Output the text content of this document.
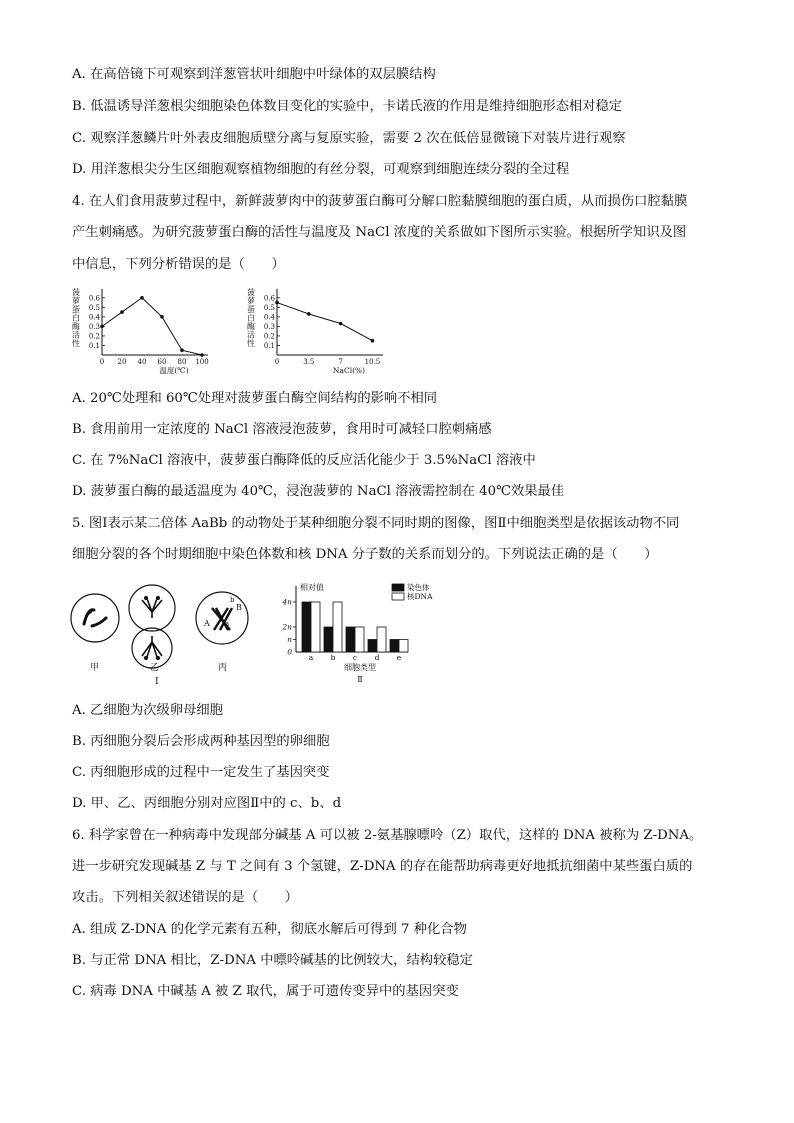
A. 在高倍镜下可观察到洋葱管状叶细胞中叶绿体的双层膜结构
B. 低温诱导洋葱根尖细胞染色体数目变化的实验中，卡诺氏液的作用是维持细胞形态相对稳定
C. 观察洋葱鳞片叶外表皮细胞质壁分离与复原实验，需要 2 次在低倍显微镜下对装片进行观察
D. 用洋葱根尖分生区细胞观察植物细胞的有丝分裂，可观察到细胞连续分裂的全过程
4. 在人们食用菠萝过程中，新鲜菠萝肉中的菠萝蛋白酶可分解口腔黏膜细胞的蛋白质，从而损伤口腔黏膜
产生刺痛感。为研究菠萝蛋白酶的活性与温度及 NaCl 浓度的关系做如下图所示实验。根据所学知识及图
中信息，下列分析错误的是（　　）
菠
萝
蛋
白
酶
活
性 0.1
0.2
0.3
0.4
0.5
0.6
0 20 40 60 80 100
温度(℃)
菠
萝
蛋
白
酶
活
性 0.1
0.2
0.3
0.4
0.5
0.6
0	3.5	7	10.5
NaCl(%)
A. 20℃处理和 60℃处理对菠萝蛋白酶空间结构的影响不相同
B. 食用前用一定浓度的 NaCl 溶液浸泡菠萝，食用时可减轻口腔刺痛感
C. 在 7%NaCl 溶液中，菠萝蛋白酶降低的反应活化能少于 3.5%NaCl 溶液中
D. 菠萝蛋白酶的最适温度为 40℃，浸泡菠萝的 NaCl 溶液需控制在 40℃效果最佳
5. 图Ⅰ表示某二倍体 AaBb 的动物处于某种细胞分裂不同时期的图像，图Ⅱ中细胞类型是依据该动物不同
细胞分裂的各个时期细胞中染色体数和核 DNA 分子数的关系而划分的。下列说法正确的是（　　）
A
B
a
b
甲	乙	丙
Ⅰ
相对值
4n
2n
n
0
a b c d e
细胞类型
Ⅱ
染色体
核DNA
A. 乙细胞为次级卵母细胞
B. 丙细胞分裂后会形成两种基因型的卵细胞
C. 丙细胞形成的过程中一定发生了基因突变
D. 甲、乙、丙细胞分别对应图Ⅱ中的 c、b、d
6. 科学家曾在一种病毒中发现部分碱基 A 可以被 2-氨基腺嘌呤（Z）取代，这样的 DNA 被称为 Z-DNA。
进一步研究发现碱基 Z 与 T 之间有 3 个氢键，Z-DNA 的存在能帮助病毒更好地抵抗细菌中某些蛋白质的
攻击。下列相关叙述错误的是（　　）
A. 组成 Z-DNA 的化学元素有五种，彻底水解后可得到 7 种化合物
B. 与正常 DNA 相比，Z-DNA 中嘌呤碱基的比例较大，结构较稳定
C. 病毒 DNA 中碱基 A 被 Z 取代，属于可遗传变异中的基因突变
